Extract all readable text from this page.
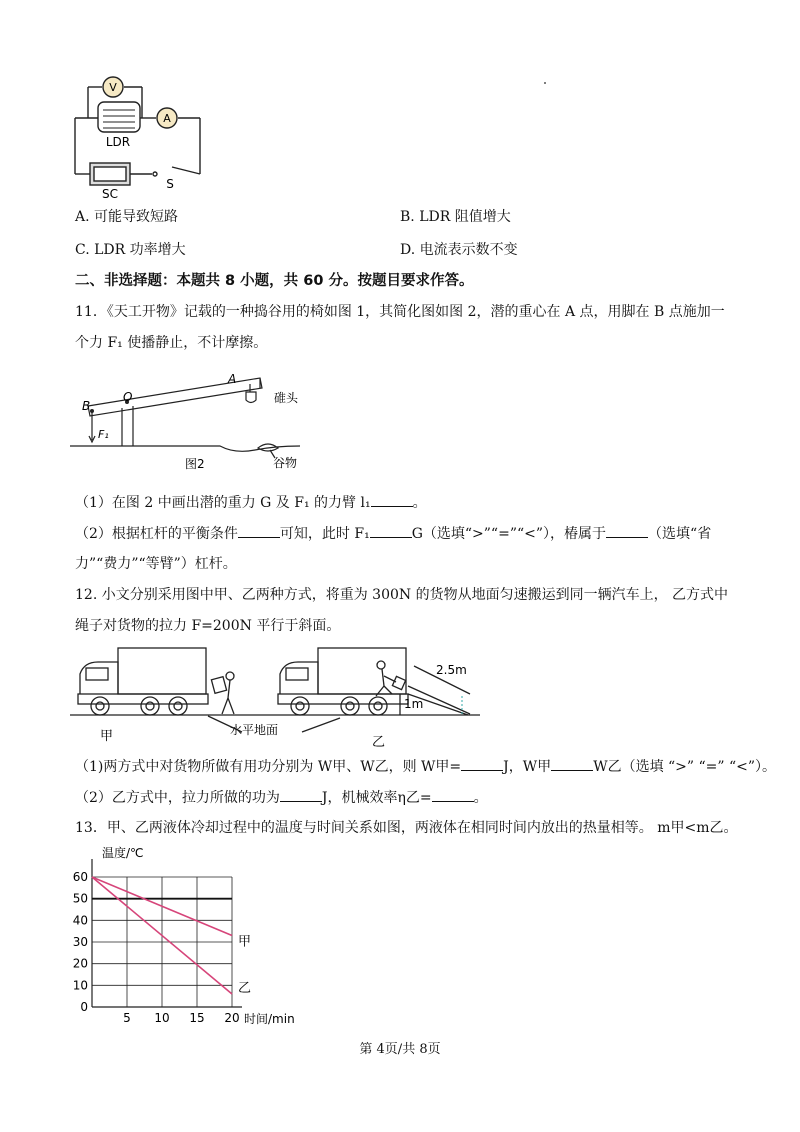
V
A
LDR
SC
S
A. 可能导致短路	B. LDR 阻值增大
C. LDR 功率增大	D. 电流表示数不变
二、非选择题：本题共 8 小题，共 60 分。按题目要求作答。
11．《天工开物》记载的一种捣谷用的椅如图 1，其简化图如图 2，潜的重心在 A 点，用脚在 B 点施加一
个力 F₁ 使播静止，不计摩擦。
B
O
A
F₁
碓头
谷物
图2
（1）在图 2 中画出潜的重力 G 及 F₁ 的力臂 l₁	。
（2）根据杠杆的平衡条件	可知，此时 F₁	G（选填“>”“=”“<”），椿属于	（选填“省
力”“费力”“等臂”）杠杆。
12. 小文分别采用图中甲、乙两种方式，将重为 300N 的货物从地面匀速搬运到同一辆汽车上， 乙方式中
绳子对货物的拉力 F=200N 平行于斜面。
2.5m
1m
水平地面
甲	乙
（1)两方式中对货物所做有用功分别为 W甲、W乙，则 W甲=	J，W甲	W乙（选填 “>” “=” “<”）。
（2）乙方式中，拉力所做的功为	J，机械效率η乙=	。
13．甲、乙两液体冷却过程中的温度与时间关系如图，两液体在相同时间内放出的热量相等。 m甲<m乙。
0
10
20
30
40
50
60
5 10 15 20
温度/℃
时间/min
甲
乙
第 4页/共 8页
